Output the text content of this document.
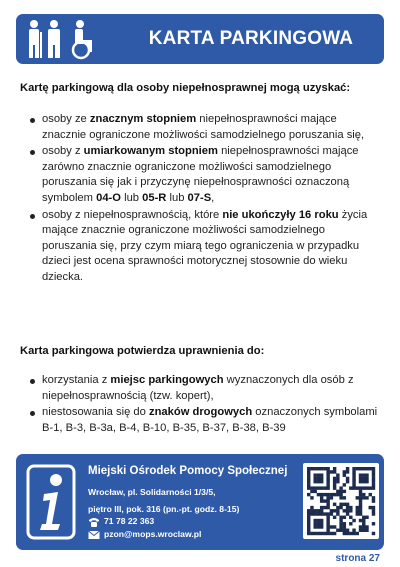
KARTA PARKINGOWA
Kartę parkingową dla osoby niepełnosprawnej mogą uzyskać:
osoby ze znacznym stopniem niepełnosprawności mające znacznie ograniczone możliwości samodzielnego poruszania się,
osoby z umiarkowanym stopniem niepełnosprawności mające zarówno znacznie ograniczone możliwości samodzielnego poruszania się jak i przyczynę niepełnosprawności oznaczoną symbolem 04-O lub 05-R lub 07-S,
osoby z niepełnosprawnością, które nie ukończyły 16 roku życia mające znacznie ograniczone możliwości samodzielnego poruszania się, przy czym miarą tego ograniczenia w przypadku dzieci jest ocena sprawności motorycznej stosownie do wieku dziecka.
Karta parkingowa potwierdza uprawnienia do:
korzystania z miejsc parkingowych wyznaczonych dla osób z niepełnosprawnością (tzw. kopert),
niestosowania się do znaków drogowych oznaczonych symbolami B-1, B-3, B-3a, B-4, B-10, B-35, B-37, B-38, B-39
Miejski Ośrodek Pomocy Społecznej
Wrocław, pl. Solidarności 1/3/5,
piętro III, pok. 316 (pn.-pt. godz. 8-15)
71 78 22 363
pzon@mops.wroclaw.pl
strona 27
